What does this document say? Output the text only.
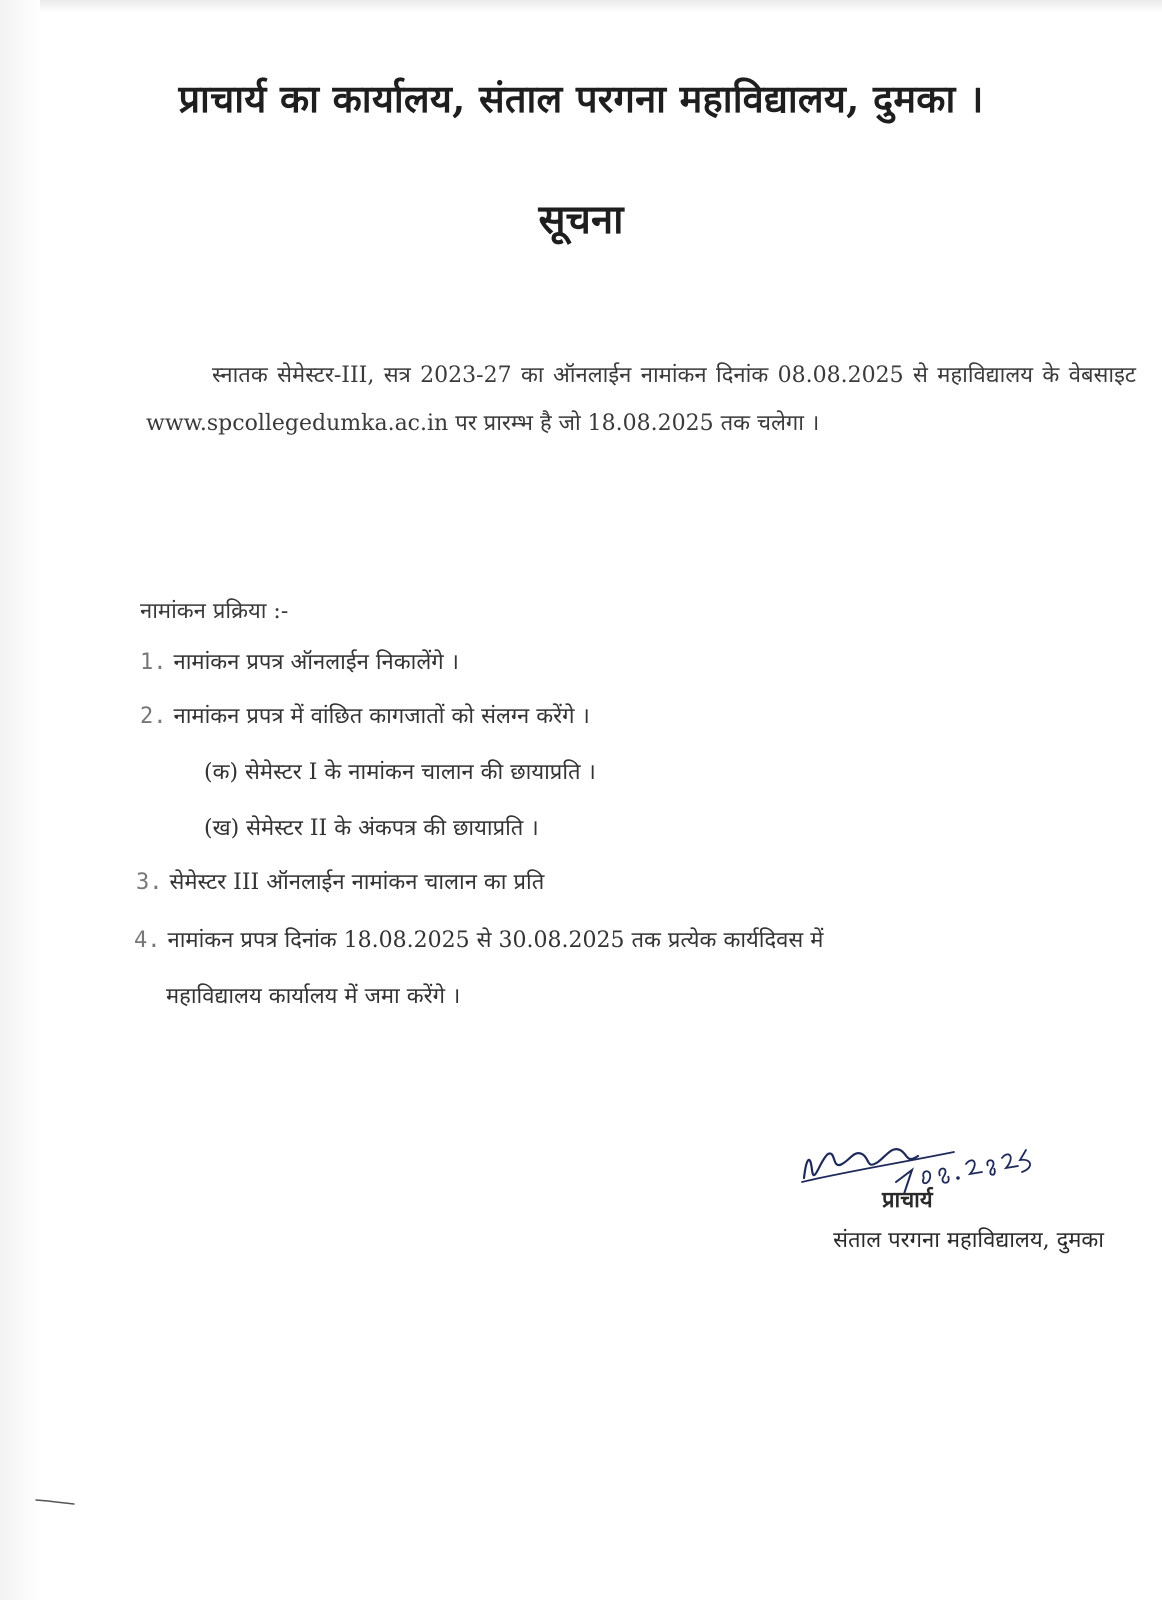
प्राचार्य का कार्यालय, संताल परगना महाविद्यालय, दुमका ।
सूचना

स्नातक सेमेस्टर-III, सत्र 2023-27 का ऑनलाईन नामांकन दिनांक 08.08.2025 से महाविद्यालय के वेबसाइट www.spcollegedumka.ac.in पर प्रारम्भ है जो 18.08.2025 तक चलेगा ।

नामांकन प्रक्रिया :-

1. नामांकन प्रपत्र ऑनलाईन निकालेंगे ।

2. नामांकन प्रपत्र में वांछित कागजातों को संलग्न करेंगे ।

(क) सेमेस्टर I के नामांकन चालान की छायाप्रति ।

(ख) सेमेस्टर II के अंकपत्र की छायाप्रति ।

3. सेमेस्टर III ऑनलाईन नामांकन चालान का प्रति

4. नामांकन प्रपत्र दिनांक 18.08.2025 से 30.08.2025 तक प्रत्येक कार्यदिवस में

महाविद्यालय कार्यालय में जमा करेंगे ।

प्राचार्य

संताल परगना महाविद्यालय, दुमका
